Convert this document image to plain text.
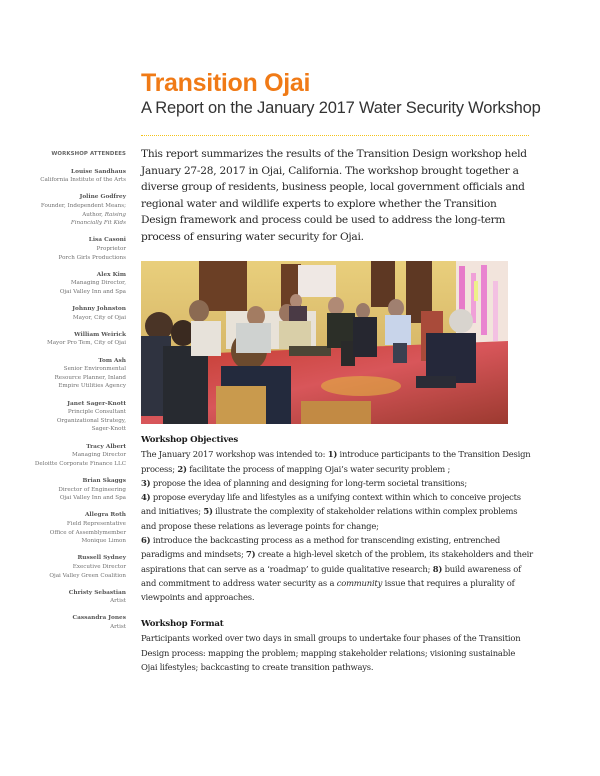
Transition Ojai
A Report on the January 2017 Water Security Workshop
WORKSHOP ATTENDEES
Louise Sandhaus
California Institute of the Arts
Joline Godfrey
Founder, Independent Means;
Author, Raising
Financially Fit Kids
Lisa Casoni
Proprietor
Porch Girls Productions
Alex Kim
Managing Director,
Ojai Valley Inn and Spa
Johnny Johnston
Mayor, City of Ojai
William Weirick
Mayor Pro Tem, City of Ojai
Tom Ash
Senior Environmental
Resource Planner, Inland
Empire Utilities Agency
Janet Sager-Knott
Principle Consultant
Organizational Strategy,
Sager-Knott
Tracy Albert
Managing Director
Deloitte Corporate Finance LLC
Brian Skaggs
Director of Engineering
Ojai Valley Inn and Spa
Allegra Roth
Field Representative
Office of Assemblymember
Monique Limon
Russell Sydney
Executive Director
Ojai Valley Green Coalition
Christy Sebastian
Artist
Cassandra Jones
Artist

This report summarizes the results of the Transition Design workshop held January 27-28, 2017 in Ojai, California. The workshop brought together a diverse group of residents, business people, local government officials and regional water and wildlife experts to explore whether the Transition Design framework and process could be used to address the long-term process of ensuring water security for Ojai.

Workshop Objectives

The January 2017 workshop was intended to: 1) introduce participants to the Transition Design process; 2) facilitate the process of mapping Ojai’s water security problem ;
3) propose the idea of planning and designing for long-term societal transitions;
4) propose everyday life and lifestyles as a unifying context within which to conceive projects and initiatives; 5) illustrate the complexity of stakeholder relations within complex problems and propose these relations as leverage points for change;
6) introduce the backcasting process as a method for transcending existing, entrenched paradigms and mindsets; 7) create a high-level sketch of the problem, its stakeholders and their aspirations that can serve as a ‘roadmap’ to guide qualitative research; 8) build awareness of and commitment to address water security as a community issue that requires a plurality of viewpoints and approaches.

Workshop Format

Participants worked over two days in small groups to undertake four phases of the Transition Design process: mapping the problem; mapping stakeholder relations; visioning sustainable Ojai lifestyles; backcasting to create transition pathways.
